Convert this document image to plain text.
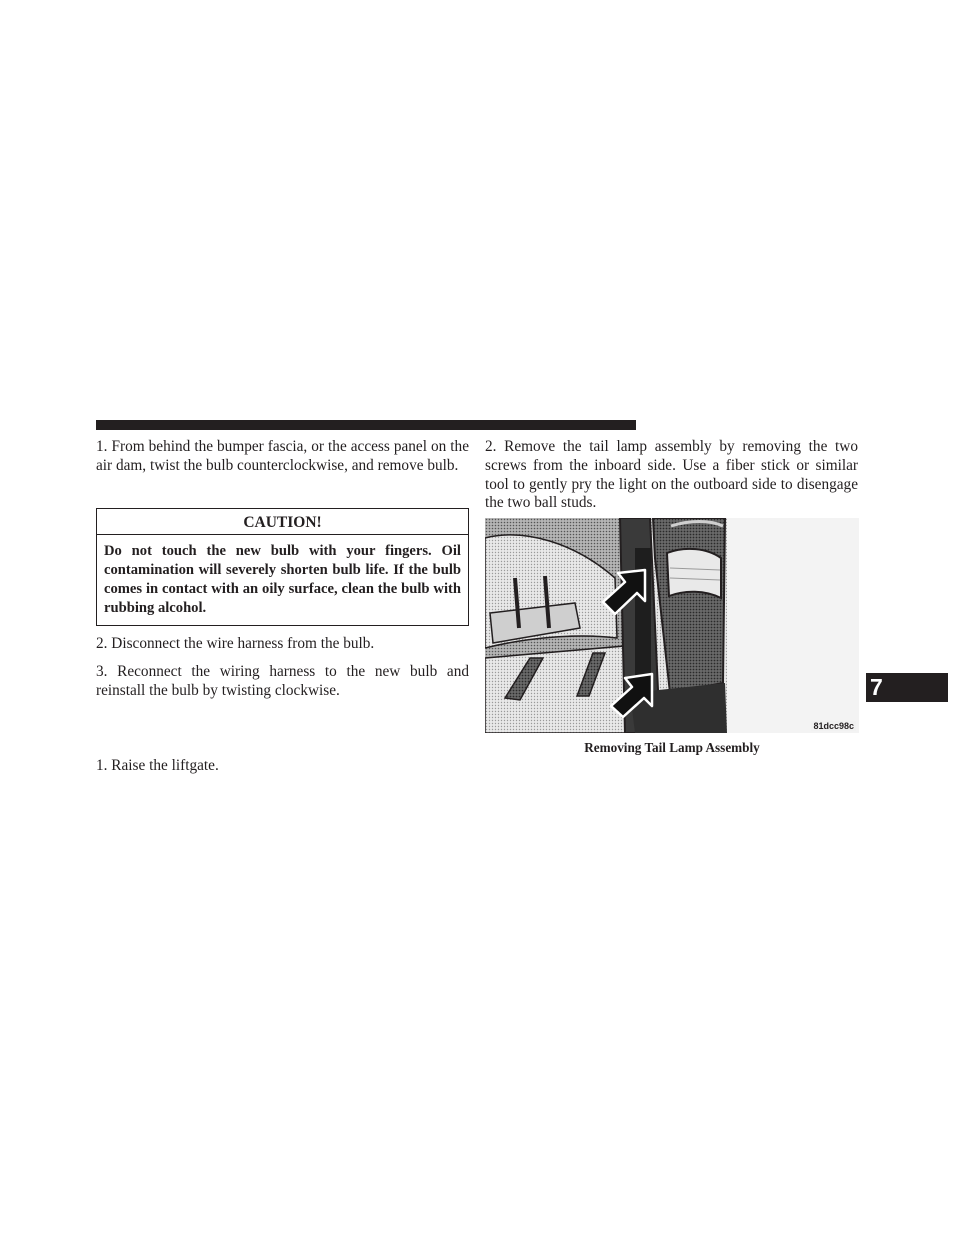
1. From behind the bumper fascia, or the access panel on the air dam, twist the bulb counterclockwise, and remove bulb.

CAUTION!
Do not touch the new bulb with your fingers. Oil contamination will severely shorten bulb life. If the bulb comes in contact with an oily surface, clean the bulb with rubbing alcohol.
2. Disconnect the wire harness from the bulb.
3. Reconnect the wiring harness to the new bulb and reinstall the bulb by twisting clockwise.
1. Raise the liftgate.

2. Remove the tail lamp assembly by removing the two screws from the inboard side. Use a fiber stick or similar tool to gently pry the light on the outboard side to disengage the two ball studs.

81dcc98c
Removing Tail Lamp Assembly
7
